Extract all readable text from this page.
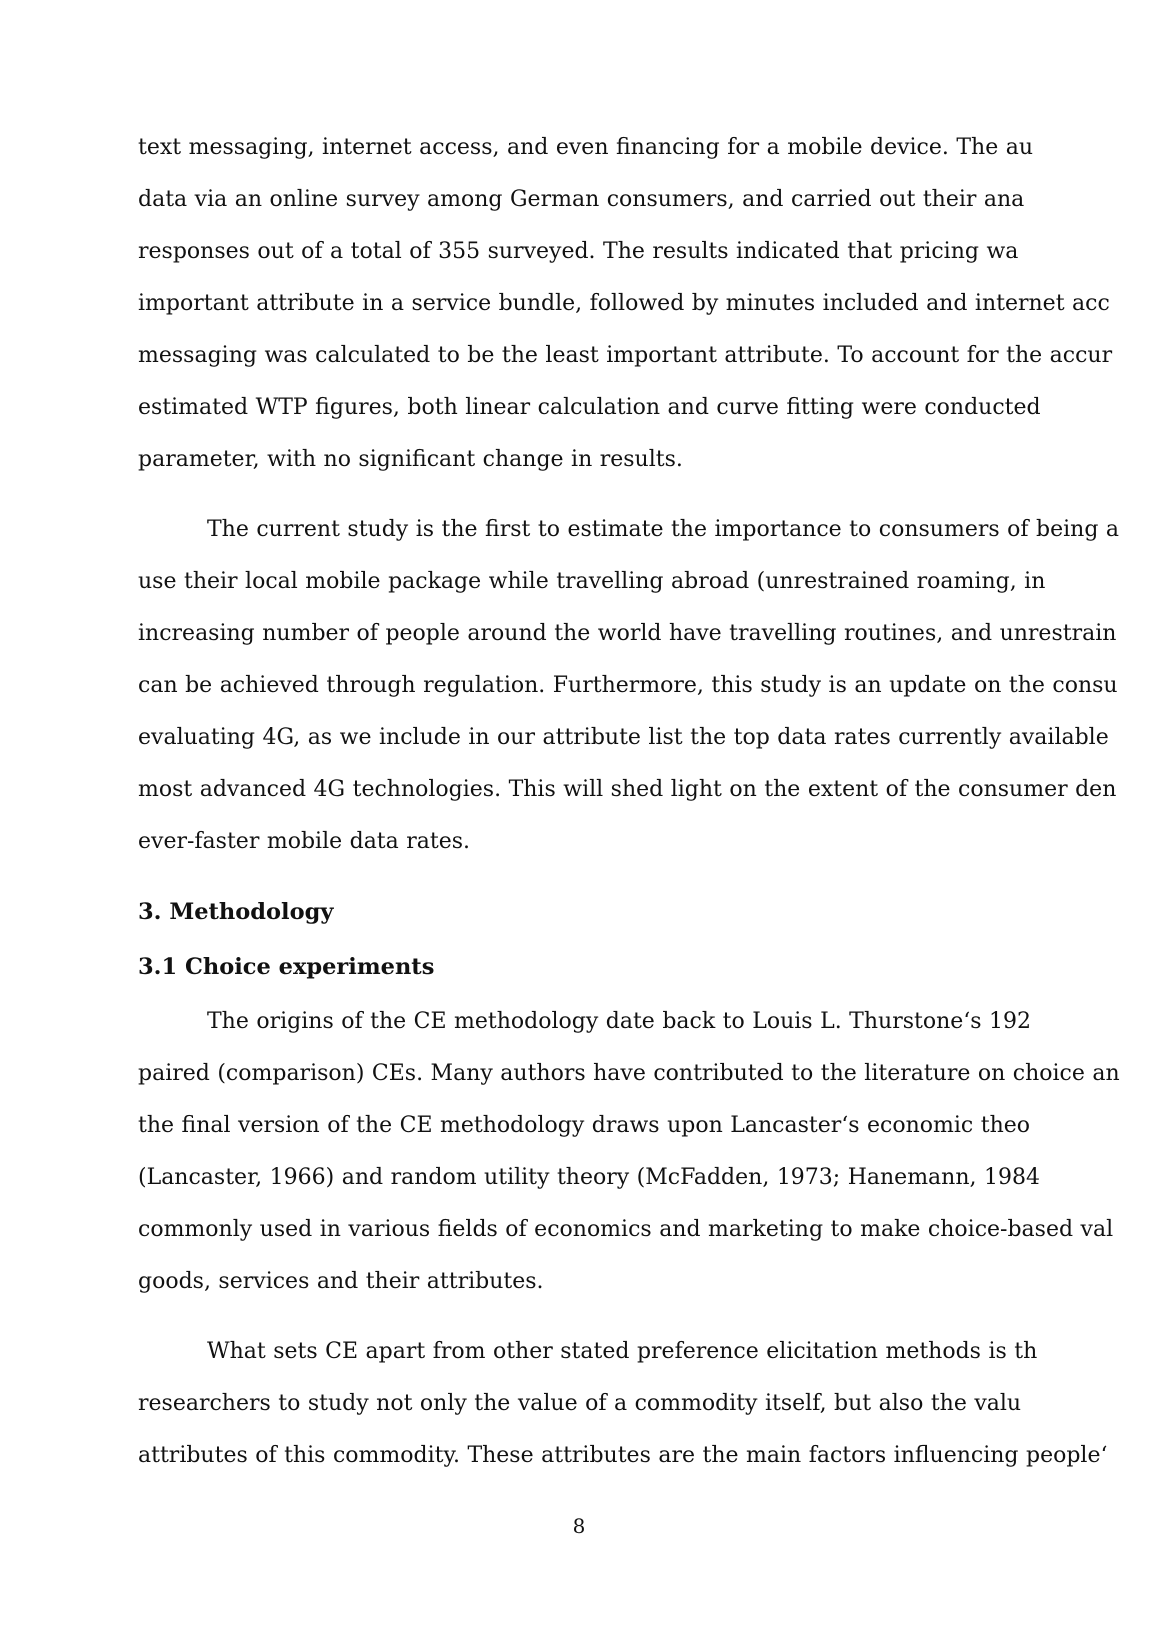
text messaging, internet access, and even financing for a mobile device. The au

data via an online survey among German consumers, and carried out their ana

responses out of a total of 355 surveyed. The results indicated that pricing wa

important attribute in a service bundle, followed by minutes included and internet acc

messaging was calculated to be the least important attribute. To account for the accur

estimated WTP figures, both linear calculation and curve fitting were conducted

parameter, with no significant change in results.

The current study is the first to estimate the importance to consumers of being a

use their local mobile package while travelling abroad (unrestrained roaming, in

increasing number of people around the world have travelling routines, and unrestrain

can be achieved through regulation. Furthermore, this study is an update on the consu

evaluating 4G, as we include in our attribute list the top data rates currently available

most advanced 4G technologies. This will shed light on the extent of the consumer den

ever-faster mobile data rates.

3. Methodology
3.1 Choice experiments

The origins of the CE methodology date back to Louis L. Thurstone‘s 192

paired (comparison) CEs. Many authors have contributed to the literature on choice an

the final version of the CE methodology draws upon Lancaster‘s economic theo

(Lancaster, 1966) and random utility theory (McFadden, 1973; Hanemann, 1984

commonly used in various fields of economics and marketing to make choice-based val

goods, services and their attributes.

What sets CE apart from other stated preference elicitation methods is th

researchers to study not only the value of a commodity itself, but also the valu

attributes of this commodity. These attributes are the main factors influencing people‘

8
